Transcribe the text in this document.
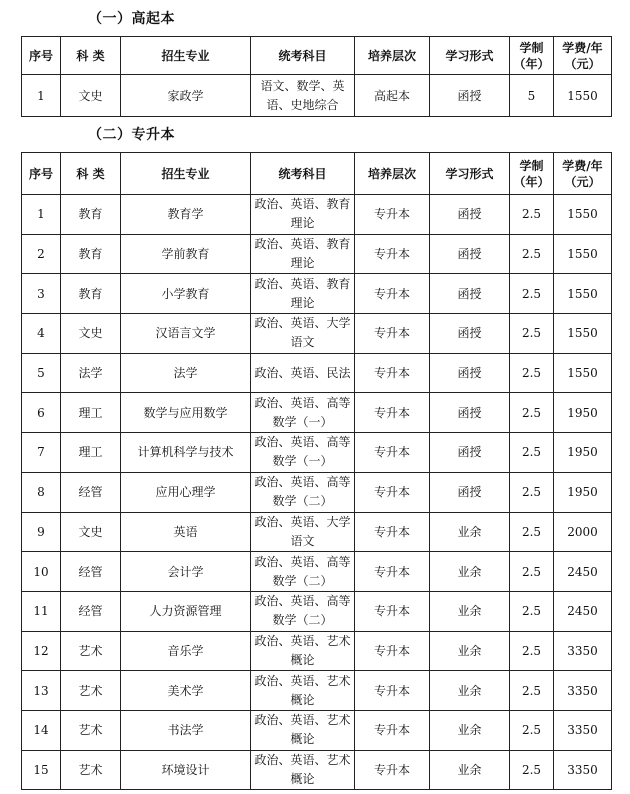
（一）高起本
序号	科 类	招生专业	统考科目	培养层次	学习形式	学制（年）	学费/年（元）
1	文史	家政学	语文、数学、英语、史地综合	高起本	函授	5	1550
（二）专升本
序号	科 类	招生专业	统考科目	培养层次	学习形式	学制（年）	学费/年（元）
1	教育	教育学	政治、英语、教育理论	专升本	函授	2.5	1550
2	教育	学前教育	政治、英语、教育理论	专升本	函授	2.5	1550
3	教育	小学教育	政治、英语、教育理论	专升本	函授	2.5	1550
4	文史	汉语言文学	政治、英语、大学语文	专升本	函授	2.5	1550
5	法学	法学	政治、英语、民法	专升本	函授	2.5	1550
6	理工	数学与应用数学	政治、英语、高等数学（一）	专升本	函授	2.5	1950
7	理工	计算机科学与技术	政治、英语、高等数学（一）	专升本	函授	2.5	1950
8	经管	应用心理学	政治、英语、高等数学（二）	专升本	函授	2.5	1950
9	文史	英语	政治、英语、大学语文	专升本	业余	2.5	2000
10	经管	会计学	政治、英语、高等数学（二）	专升本	业余	2.5	2450
11	经管	人力资源管理	政治、英语、高等数学（二）	专升本	业余	2.5	2450
12	艺术	音乐学	政治、英语、艺术概论	专升本	业余	2.5	3350
13	艺术	美术学	政治、英语、艺术概论	专升本	业余	2.5	3350
14	艺术	书法学	政治、英语、艺术概论	专升本	业余	2.5	3350
15	艺术	环境设计	政治、英语、艺术概论	专升本	业余	2.5	3350
